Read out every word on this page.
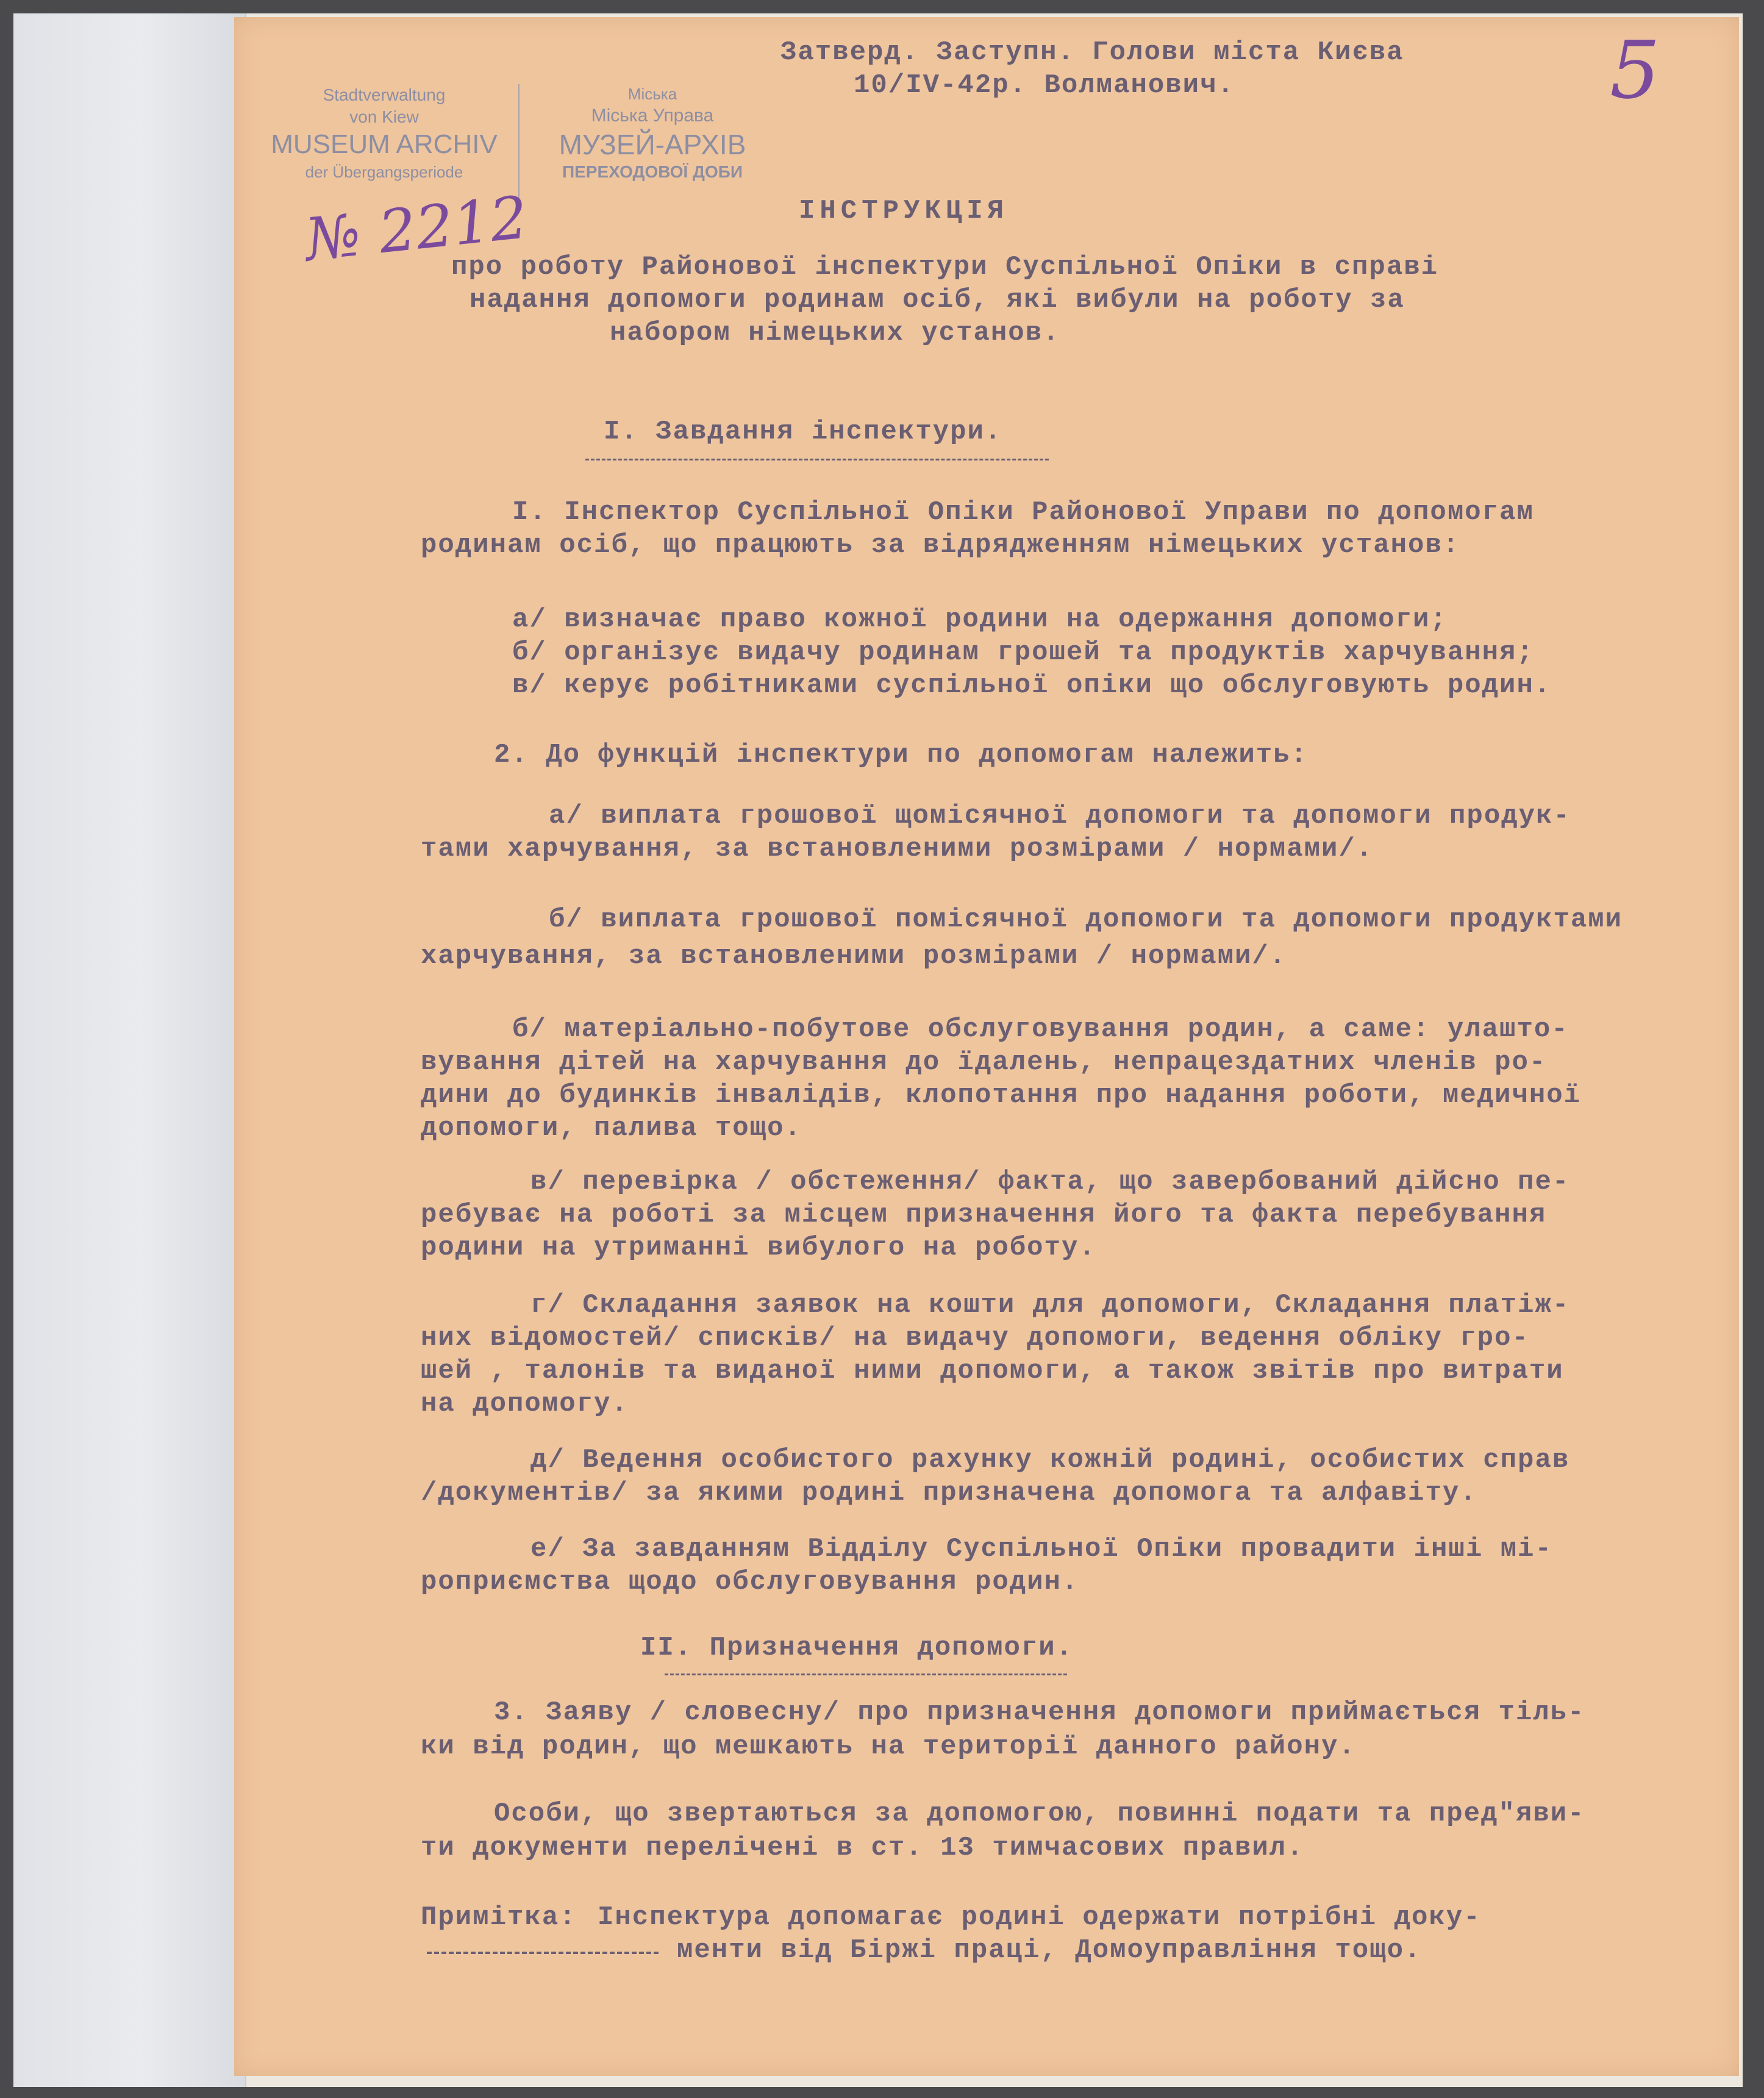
Stadtverwaltung
von Kiew
MUSEUM ARCHIV
der Übergangsperiode
Міська
Міська Управа
МУЗЕЙ-АРХІВ
ПЕРЕХОДОВОЇ ДОБИ
5
№ 2212
Затверд. Заступн. Голови міста Києва
10/IV-42р. Волманович.
ІНСТРУКЦІЯ
про роботу Районової інспектури Суспільної Опіки в справі
надання допомоги родинам осіб, які вибули на роботу за
набором німецьких установ.
І. Завдання інспектури.
І. Інспектор Суспільної Опіки Районової Управи по допомогам
родинам осіб, що працюють за відрядженням німецьких установ:
а/ визначає право кожної родини на одержання допомоги;
б/ організує видачу родинам грошей та продуктів харчування;
в/ керує робітниками суспільної опіки що обслуговують родин.
2. До функцій інспектури по допомогам належить:
а/ виплата грошової щомісячної допомоги та допомоги продук-
тами харчування, за встановленими розмірами / нормами/.
б/ виплата грошової помісячної допомоги та допомоги продуктами
харчування, за встановленими розмірами / нормами/.
б/ матеріально-побутове обслуговування родин, а саме: улашто-
вування дітей на харчування до їдалень, непрацездатних членів ро-
дини до будинків інвалідів, клопотання про надання роботи, медичної
допомоги, палива тощо.
в/ перевірка / обстеження/ факта, що завербований дійсно пе-
ребуває на роботі за місцем призначення його та факта перебування
родини на утриманні вибулого на роботу.
г/ Складання заявок на кошти для допомоги, Складання платіж-
них відомостей/ списків/ на видачу допомоги, ведення обліку гро-
шей , талонів та виданої ними допомоги, а також звітів про витрати
на допомогу.
д/ Ведення особистого рахунку кожній родині, особистих справ
/документів/ за якими родині призначена допомога та алфавіту.
е/ За завданням Відділу Суспільної Опіки провадити інші мі-
роприємства щодо обслуговування родин.
ІІ. Призначення допомоги.
3. Заяву / словесну/ про призначення допомоги приймається тіль-
ки від родин, що мешкають на території данного району.
Особи, що звертаються за допомогою, повинні подати та пред"яви-
ти документи перелічені в ст. 13 тимчасових правил.
Примітка: Інспектура допомагає родині одержати потрібні доку-
менти від Біржі праці, Домоуправління тощо.
